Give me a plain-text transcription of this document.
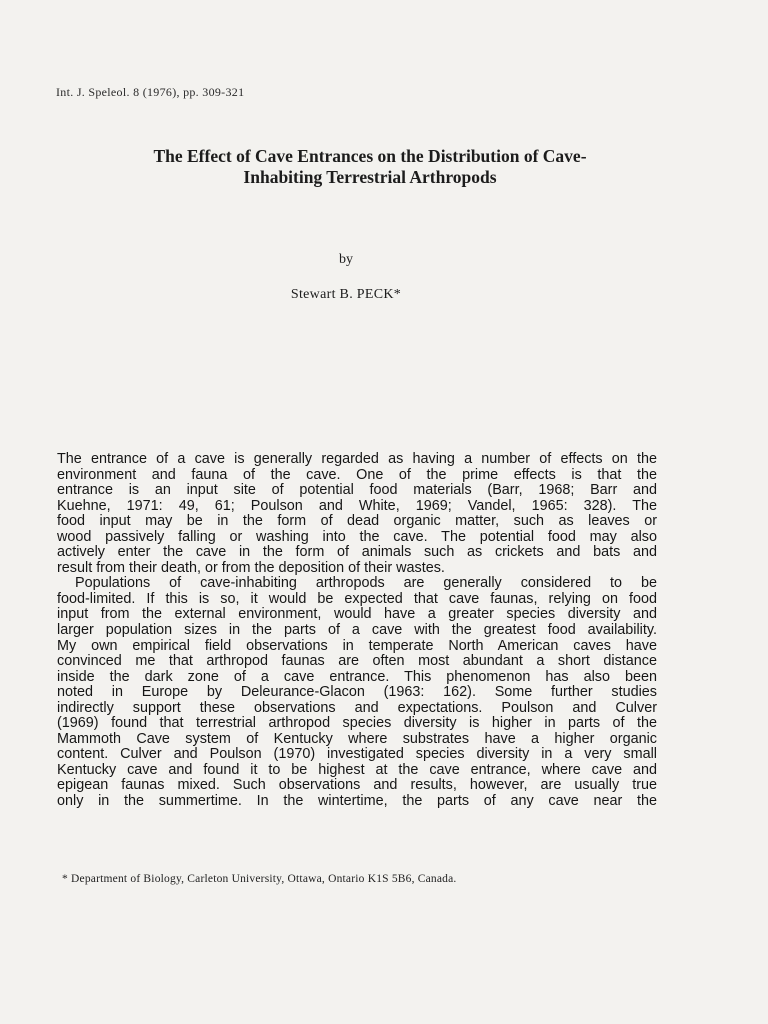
Int. J. Speleol. 8 (1976), pp. 309-321
The Effect of Cave Entrances on the Distribution of Cave-
Inhabiting Terrestrial Arthropods
by
Stewart B. PECK*
The entrance of a cave is generally regarded as having a number of effects on the
environment and fauna of the cave. One of the prime effects is that the
entrance is an input site of potential food materials (Barr, 1968; Barr and
Kuehne, 1971: 49, 61; Poulson and White, 1969; Vandel, 1965: 328). The
food input may be in the form of dead organic matter, such as leaves or
wood passively falling or washing into the cave. The potential food may also
actively enter the cave in the form of animals such as crickets and bats and
result from their death, or from the deposition of their wastes.
Populations of cave-inhabiting arthropods are generally considered to be
food-limited. If this is so, it would be expected that cave faunas, relying on food
input from the external environment, would have a greater species diversity and
larger population sizes in the parts of a cave with the greatest food availability.
My own empirical field observations in temperate North American caves have
convinced me that arthropod faunas are often most abundant a short distance
inside the dark zone of a cave entrance. This phenomenon has also been
noted in Europe by Deleurance-Glacon (1963: 162). Some further studies
indirectly support these observations and expectations. Poulson and Culver
(1969) found that terrestrial arthropod species diversity is higher in parts of the
Mammoth Cave system of Kentucky where substrates have a higher organic
content. Culver and Poulson (1970) investigated species diversity in a very small
Kentucky cave and found it to be highest at the cave entrance, where cave and
epigean faunas mixed. Such observations and results, however, are usually true
only in the summertime. In the wintertime, the parts of any cave near the
* Department of Biology, Carleton University, Ottawa, Ontario K1S 5B6, Canada.
